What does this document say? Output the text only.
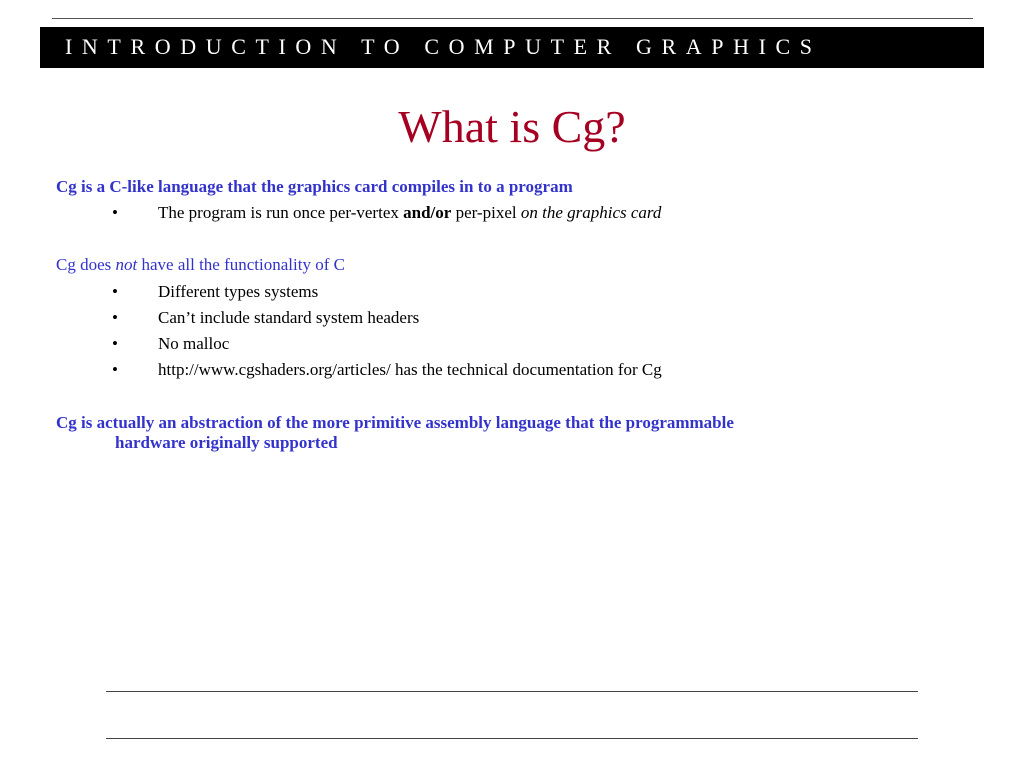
INTRODUCTION TO COMPUTER GRAPHICS
What is Cg?

Cg is a C-like language that the graphics card compiles in to a program

• The program is run once per-vertex and/or per-pixel on the graphics card

Cg does not have all the functionality of C

• Different types systems

• Can’t include standard system headers

• No malloc

• http://www.cgshaders.org/articles/ has the technical documentation for Cg

Cg is actually an abstraction of the more primitive assembly language that the programmable
hardware originally supported
